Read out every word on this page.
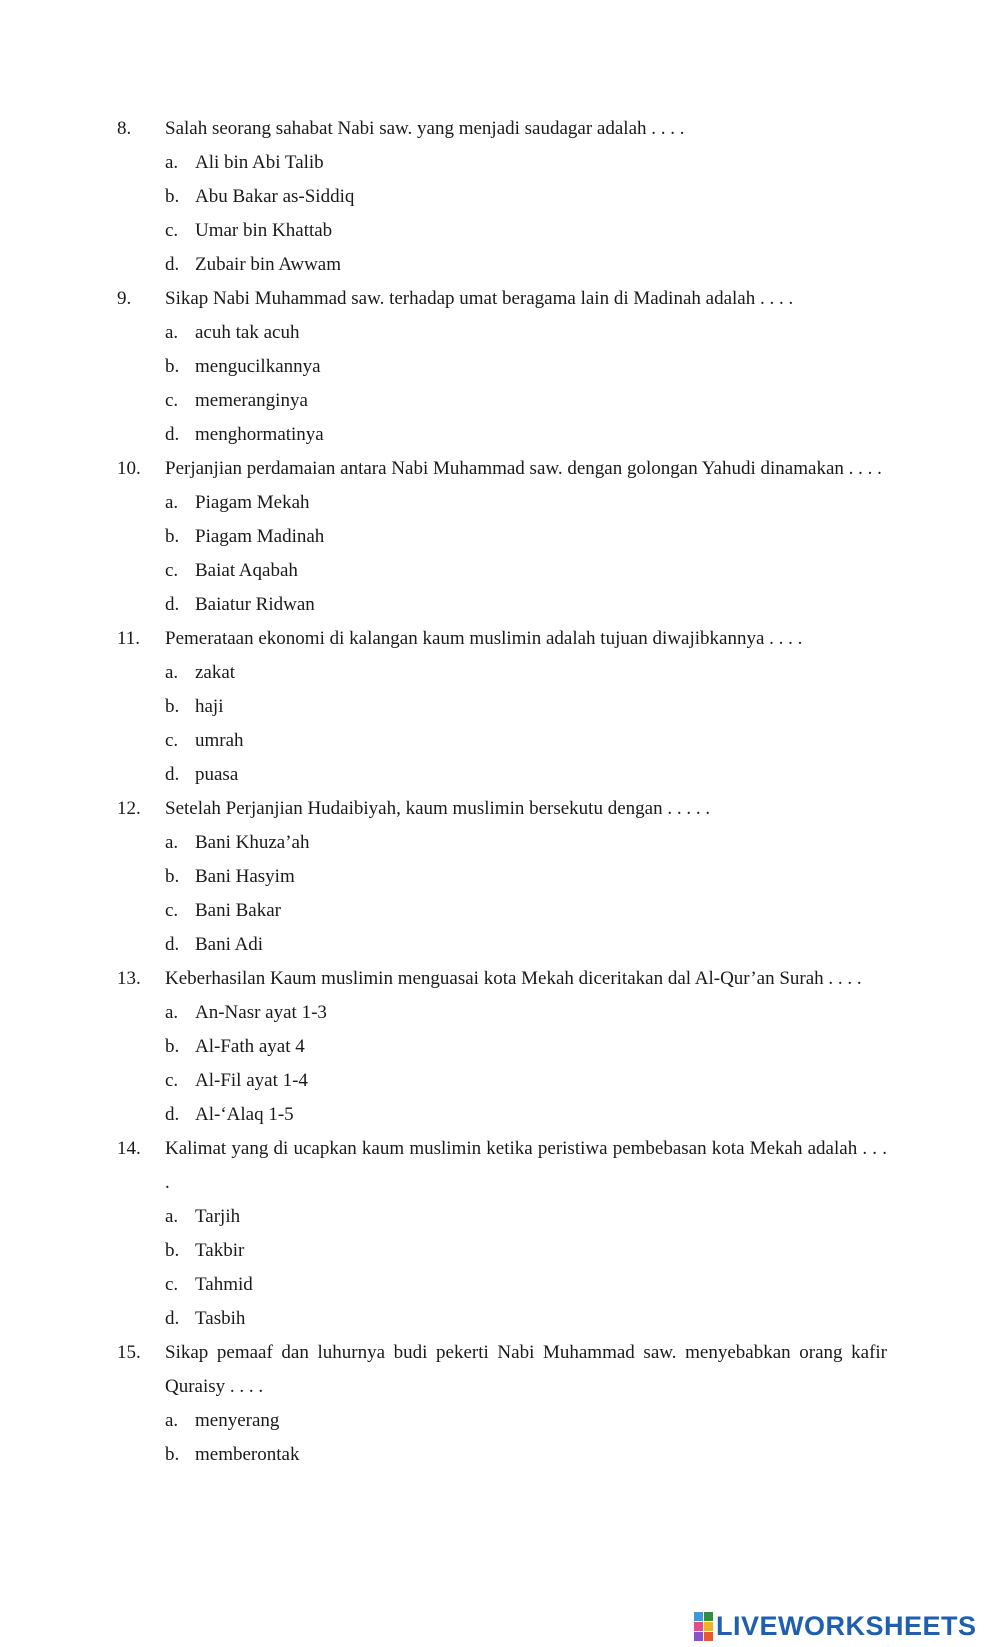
8.	Salah seorang sahabat Nabi saw. yang menjadi saudagar adalah . . . .
a. Ali bin Abi Talib
b. Abu Bakar as-Siddiq
c. Umar bin Khattab
d. Zubair bin Awwam
9.	Sikap Nabi Muhammad saw. terhadap umat beragama lain di Madinah adalah . . . .
a. acuh tak acuh
b. mengucilkannya
c. memeranginya
d. menghormatinya
10.	Perjanjian perdamaian antara Nabi Muhammad saw. dengan golongan Yahudi dinamakan . . . .
a. Piagam Mekah
b. Piagam Madinah
c. Baiat Aqabah
d. Baiatur Ridwan
11.	Pemerataan ekonomi di kalangan kaum muslimin adalah tujuan diwajibkannya . . . .
a. zakat
b. haji
c. umrah
d. puasa
12.	Setelah Perjanjian Hudaibiyah, kaum muslimin bersekutu dengan . . . . .
a. Bani Khuza’ah
b. Bani Hasyim
c. Bani Bakar
d. Bani Adi
13.	Keberhasilan Kaum muslimin menguasai kota Mekah diceritakan dal Al-Qur’an Surah . . . .
a. An-Nasr ayat 1-3
b. Al-Fath ayat 4
c. Al-Fil ayat 1-4
d. Al-‘Alaq 1-5
14.	Kalimat yang di ucapkan kaum muslimin ketika peristiwa pembebasan kota Mekah adalah . . . .
a. Tarjih
b. Takbir
c. Tahmid
d. Tasbih
15.	Sikap pemaaf dan luhurnya budi pekerti Nabi Muhammad saw. menyebabkan orang kafir Quraisy . . . .
a. menyerang
b. memberontak
LIVEWORKSHEETS
